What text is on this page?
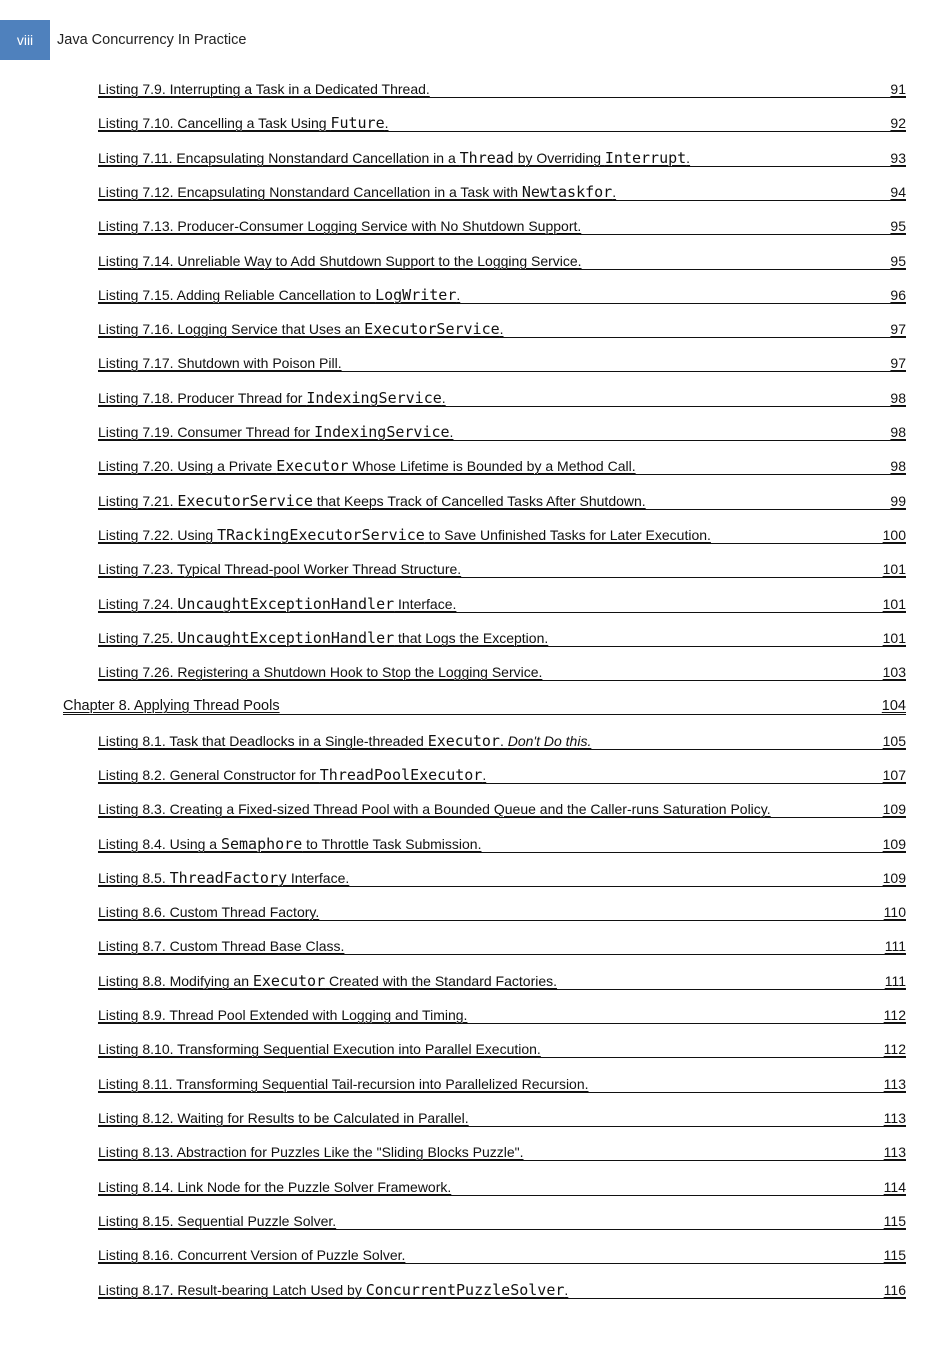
viii	Java Concurrency In Practice
Listing 7.9. Interrupting a Task in a Dedicated Thread.	91
Listing 7.10. Cancelling a Task Using Future.	92
Listing 7.11. Encapsulating Nonstandard Cancellation in a Thread by Overriding Interrupt.	93
Listing 7.12. Encapsulating Nonstandard Cancellation in a Task with Newtaskfor.	94
Listing 7.13. Producer-Consumer Logging Service with No Shutdown Support.	95
Listing 7.14. Unreliable Way to Add Shutdown Support to the Logging Service.	95
Listing 7.15. Adding Reliable Cancellation to LogWriter.	96
Listing 7.16. Logging Service that Uses an ExecutorService.	97
Listing 7.17. Shutdown with Poison Pill.	97
Listing 7.18. Producer Thread for IndexingService.	98
Listing 7.19. Consumer Thread for IndexingService.	98
Listing 7.20. Using a Private Executor Whose Lifetime is Bounded by a Method Call.	98
Listing 7.21. ExecutorService that Keeps Track of Cancelled Tasks After Shutdown.	99
Listing 7.22. Using TRackingExecutorService to Save Unfinished Tasks for Later Execution.	100
Listing 7.23. Typical Thread-pool Worker Thread Structure.	101
Listing 7.24. UncaughtExceptionHandler Interface.	101
Listing 7.25. UncaughtExceptionHandler that Logs the Exception.	101
Listing 7.26. Registering a Shutdown Hook to Stop the Logging Service.	103
Chapter 8. Applying Thread Pools	104
Listing 8.1. Task that Deadlocks in a Single-threaded Executor. Don't Do this.	105
Listing 8.2. General Constructor for ThreadPoolExecutor.	107
Listing 8.3. Creating a Fixed-sized Thread Pool with a Bounded Queue and the Caller-runs Saturation Policy.	109
Listing 8.4. Using a Semaphore to Throttle Task Submission.	109
Listing 8.5. ThreadFactory Interface.	109
Listing 8.6. Custom Thread Factory.	110
Listing 8.7. Custom Thread Base Class.	111
Listing 8.8. Modifying an Executor Created with the Standard Factories.	111
Listing 8.9. Thread Pool Extended with Logging and Timing.	112
Listing 8.10. Transforming Sequential Execution into Parallel Execution.	112
Listing 8.11. Transforming Sequential Tail-recursion into Parallelized Recursion.	113
Listing 8.12. Waiting for Results to be Calculated in Parallel.	113
Listing 8.13. Abstraction for Puzzles Like the "Sliding Blocks Puzzle".	113
Listing 8.14. Link Node for the Puzzle Solver Framework.	114
Listing 8.15. Sequential Puzzle Solver.	115
Listing 8.16. Concurrent Version of Puzzle Solver.	115
Listing 8.17. Result-bearing Latch Used by ConcurrentPuzzleSolver.	116
